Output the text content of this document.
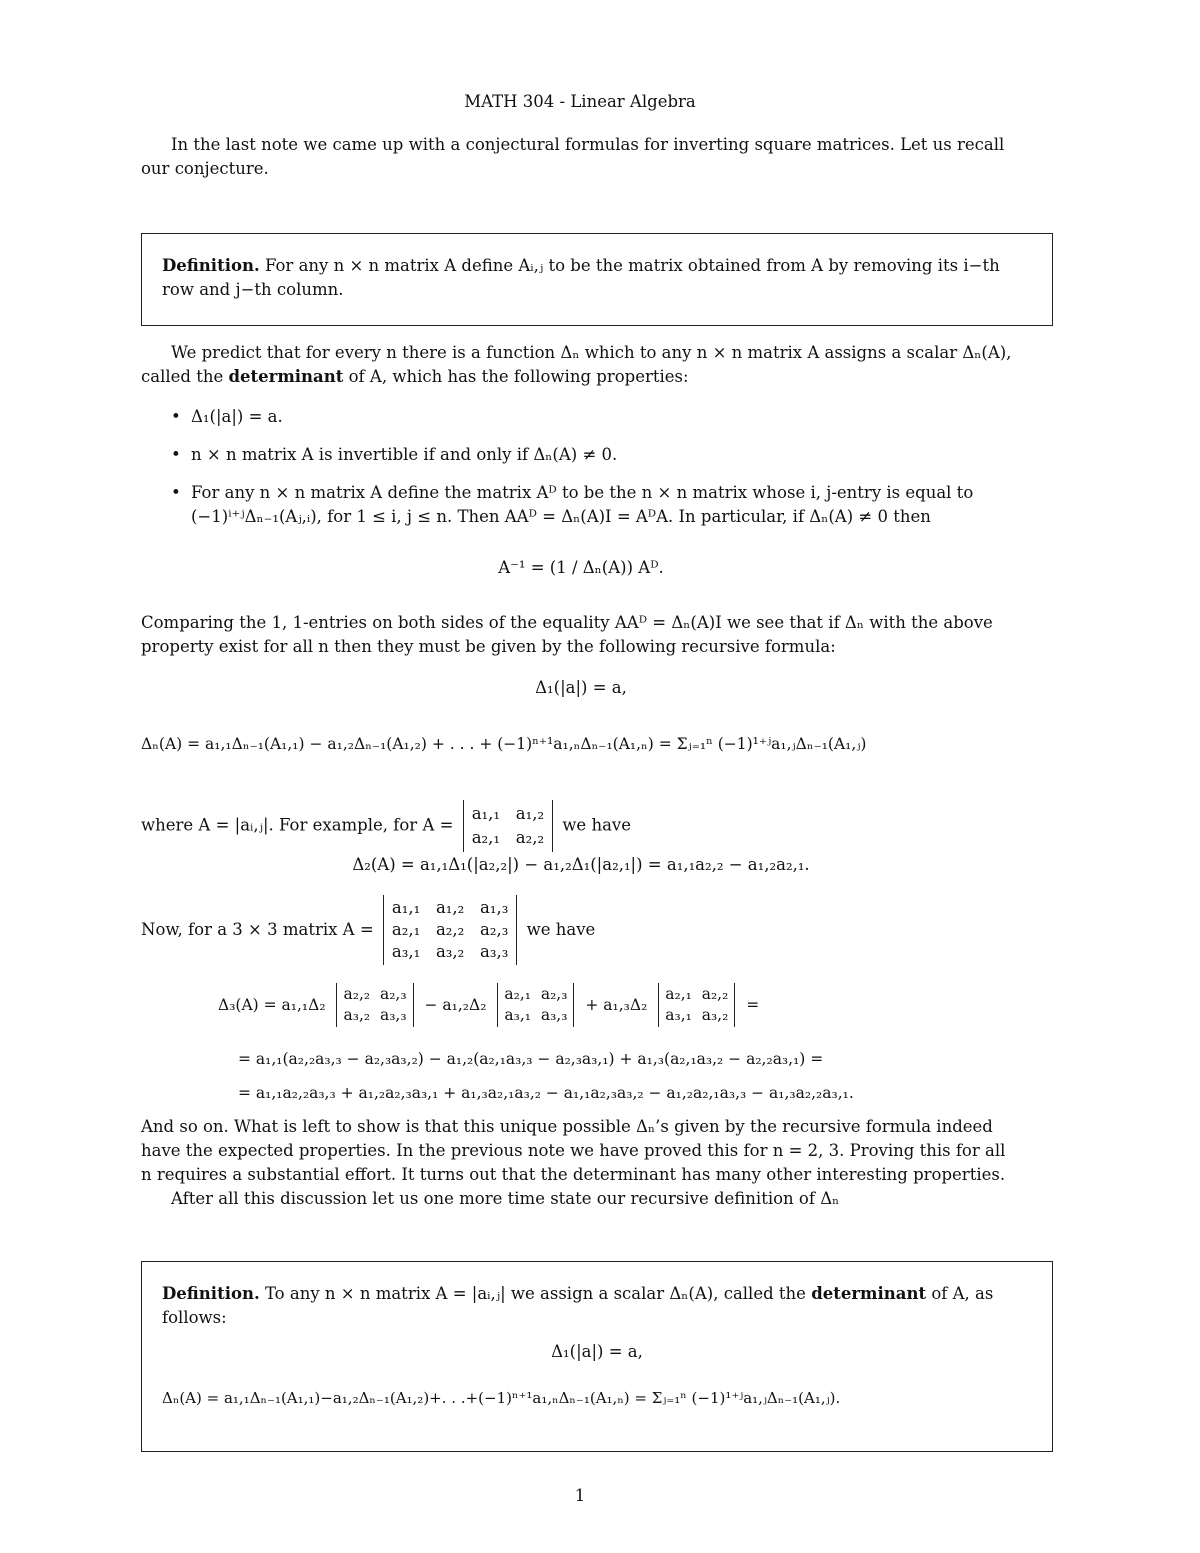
MATH 304 - Linear Algebra
In the last note we came up with a conjectural formulas for inverting square matrices. Let us recall our conjecture.
Definition. For any n × n matrix A define Aᵢ,ⱼ to be the matrix obtained from A by removing its i−th row and j−th column.
We predict that for every n there is a function Δₙ which to any n × n matrix A assigns a scalar Δₙ(A), called the determinant of A, which has the following properties:
• Δ₁(|a|) = a.
• n × n matrix A is invertible if and only if Δₙ(A) ≠ 0.
• For any n × n matrix A define the matrix Aᴰ to be the n × n matrix whose i, j-entry is equal to (−1)ⁱ⁺ʲΔₙ₋₁(Aⱼ,ᵢ), for 1 ≤ i, j ≤ n. Then AAᴰ = Δₙ(A)I = AᴰA. In particular, if Δₙ(A) ≠ 0 then
A⁻¹ = (1 / Δₙ(A)) Aᴰ.
Comparing the 1, 1-entries on both sides of the equality AAᴰ = Δₙ(A)I we see that if Δₙ with the above property exist for all n then they must be given by the following recursive formula:
Δ₁(|a|) = a,
Δₙ(A) = a₁,₁Δₙ₋₁(A₁,₁) − a₁,₂Δₙ₋₁(A₁,₂) + . . . + (−1)ⁿ⁺¹a₁,ₙΔₙ₋₁(A₁,ₙ) = Σⱼ₌₁ⁿ (−1)¹⁺ʲa₁,ⱼΔₙ₋₁(A₁,ⱼ)
where A = |aᵢ,ⱼ|. For example, for A =
a₁,₁ a₁,₂
a₂,₁ a₂,₂
we have
Δ₂(A) = a₁,₁Δ₁(|a₂,₂|) − a₁,₂Δ₁(|a₂,₁|) = a₁,₁a₂,₂ − a₁,₂a₂,₁.
Now, for a 3 × 3 matrix A =
a₁,₁ a₁,₂ a₁,₃
a₂,₁ a₂,₂ a₂,₃
a₃,₁ a₃,₂ a₃,₃
we have
Δ₃(A) = a₁,₁Δ₂
a₂,₂ a₂,₃
a₃,₂ a₃,₃
− a₁,₂Δ₂
a₂,₁ a₂,₃
a₃,₁ a₃,₃
+ a₁,₃Δ₂
a₂,₁ a₂,₂
a₃,₁ a₃,₂
=
= a₁,₁(a₂,₂a₃,₃ − a₂,₃a₃,₂) − a₁,₂(a₂,₁a₃,₃ − a₂,₃a₃,₁) + a₁,₃(a₂,₁a₃,₂ − a₂,₂a₃,₁) =
= a₁,₁a₂,₂a₃,₃ + a₁,₂a₂,₃a₃,₁ + a₁,₃a₂,₁a₃,₂ − a₁,₁a₂,₃a₃,₂ − a₁,₂a₂,₁a₃,₃ − a₁,₃a₂,₂a₃,₁.
And so on. What is left to show is that this unique possible Δₙ’s given by the recursive formula indeed have the expected properties. In the previous note we have proved this for n = 2, 3. Proving this for all n requires a substantial effort. It turns out that the determinant has many other interesting properties.
After all this discussion let us one more time state our recursive definition of Δₙ
Definition. To any n × n matrix A = |aᵢ,ⱼ| we assign a scalar Δₙ(A), called the determinant of A, as follows:
Δ₁(|a|) = a,
Δₙ(A) = a₁,₁Δₙ₋₁(A₁,₁)−a₁,₂Δₙ₋₁(A₁,₂)+. . .+(−1)ⁿ⁺¹a₁,ₙΔₙ₋₁(A₁,ₙ) = Σⱼ₌₁ⁿ (−1)¹⁺ʲa₁,ⱼΔₙ₋₁(A₁,ⱼ).
1
